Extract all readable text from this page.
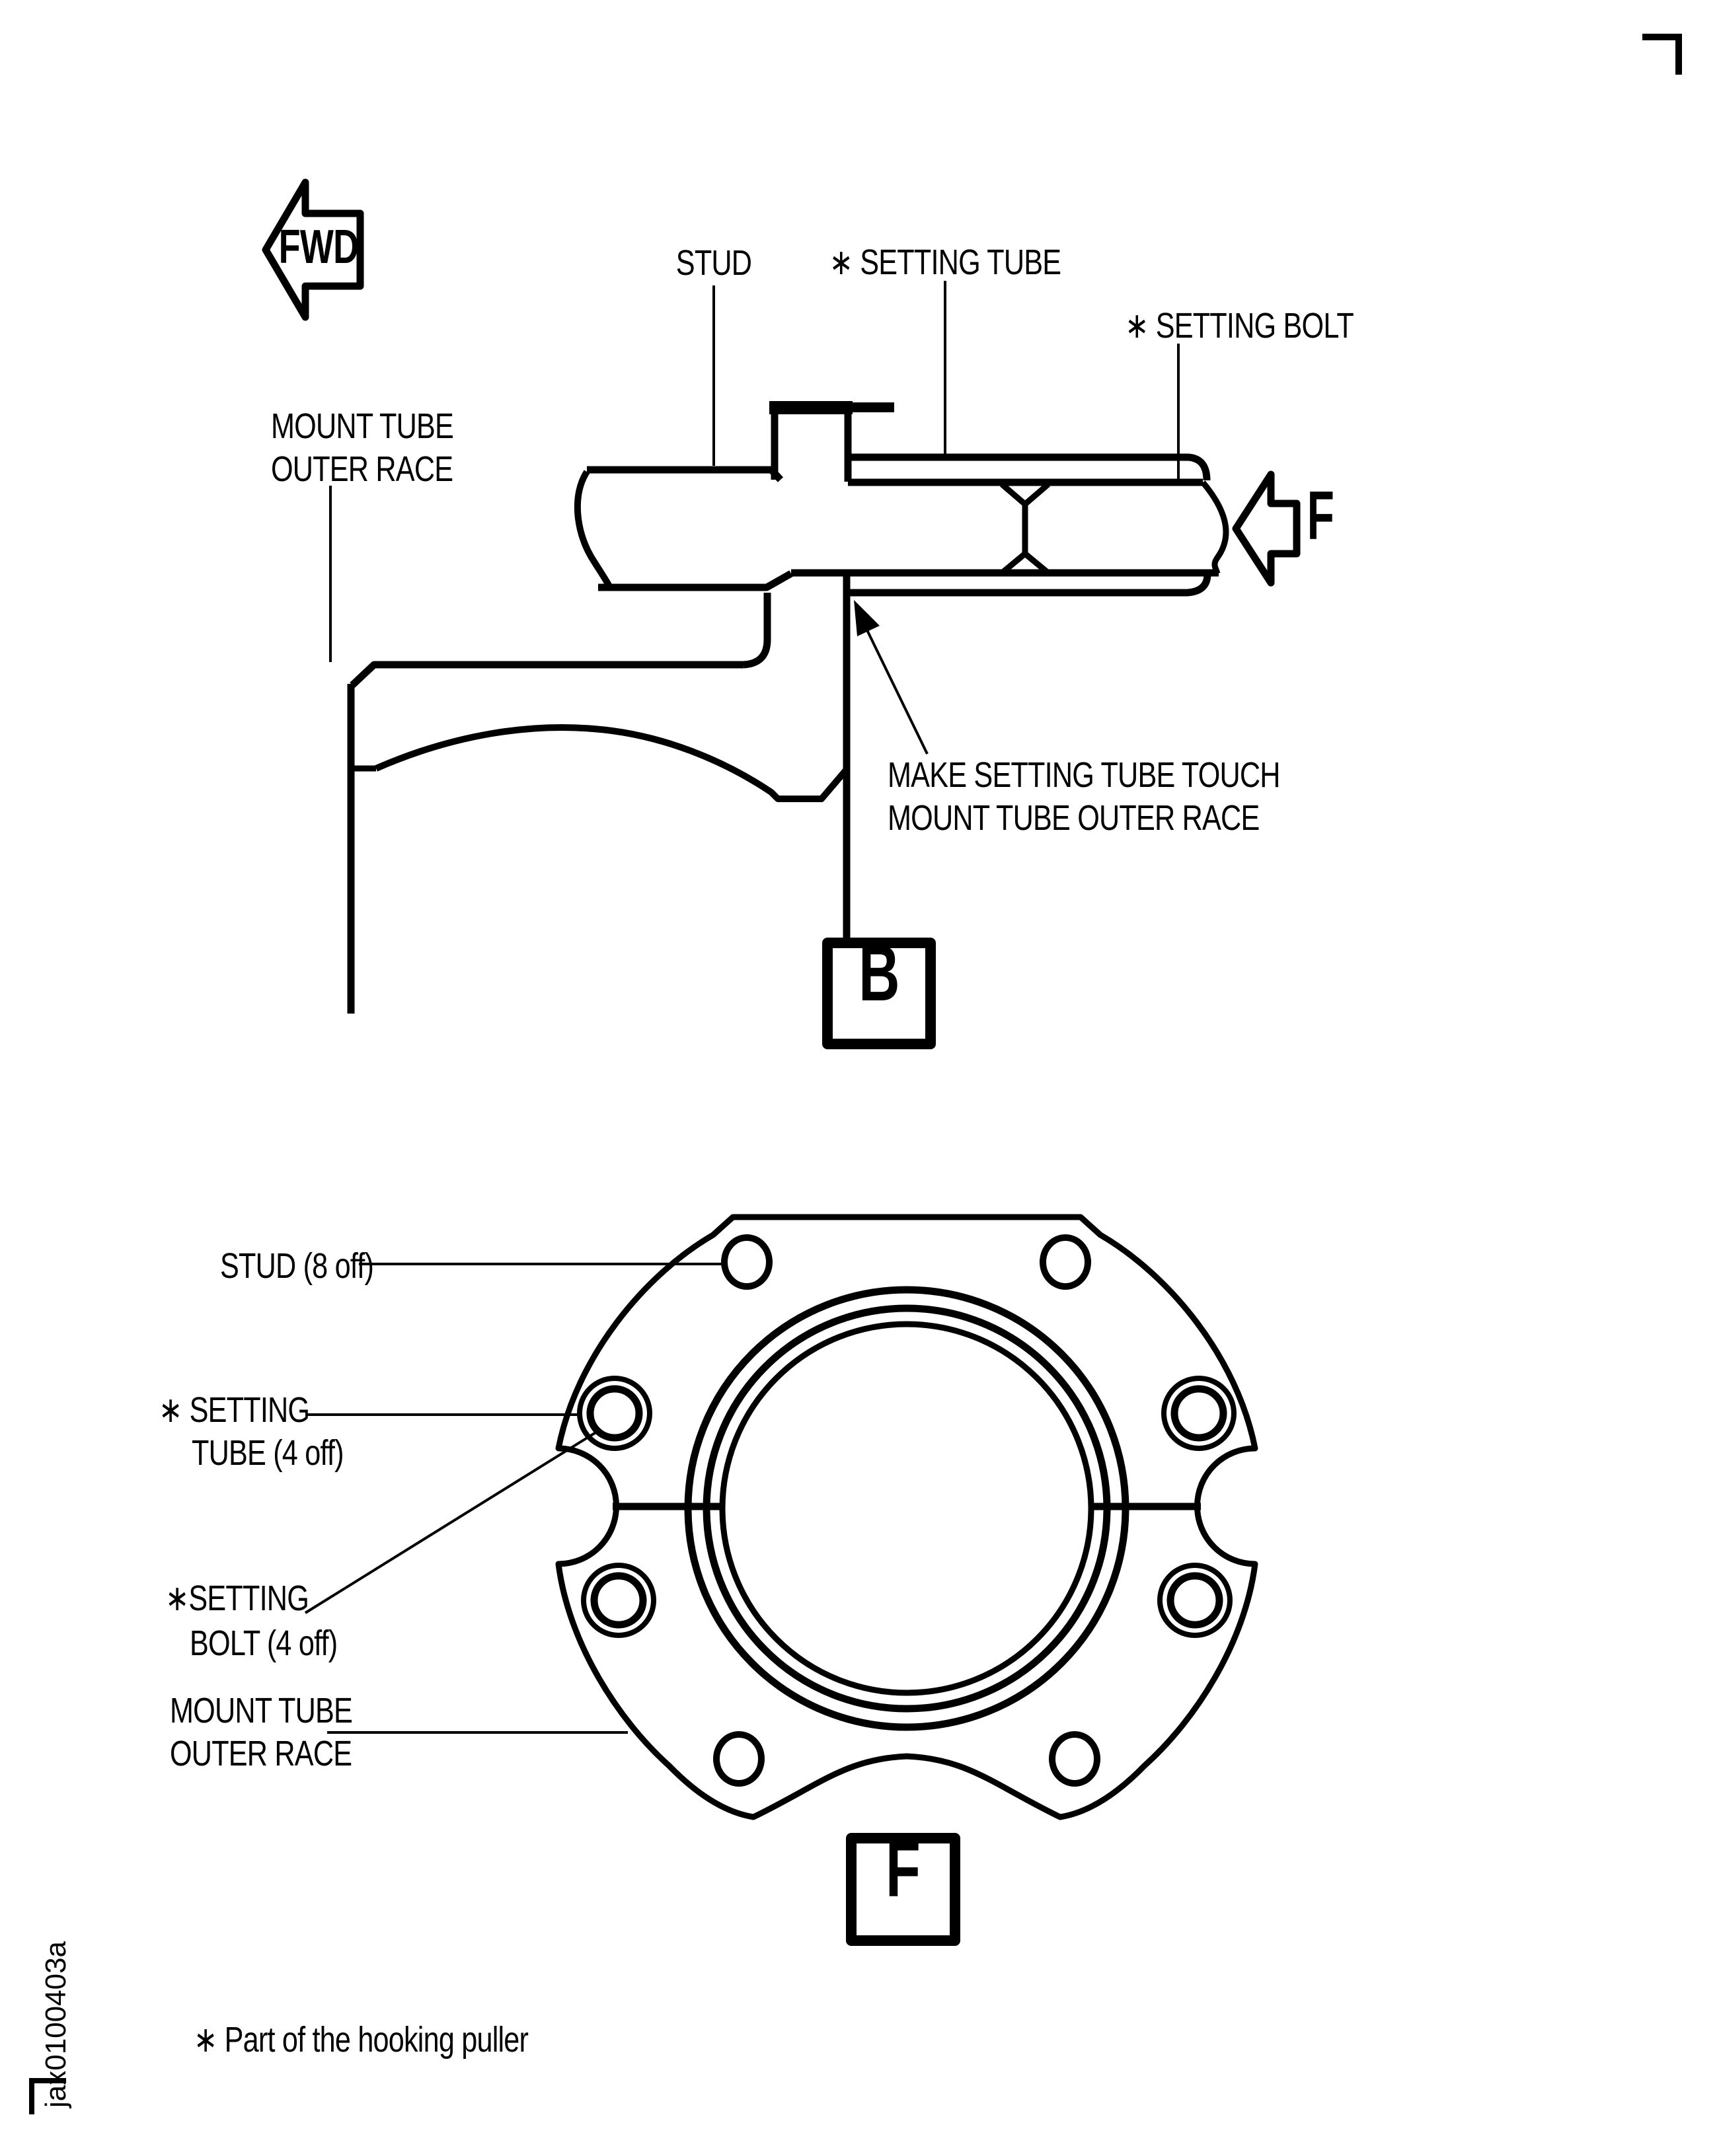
FWD	STUD	∗ SETTING TUBE
∗ SETTING BOLT
MOUNT TUBE
OUTER RACE
MAKE SETTING TUBE TOUCH
MOUNT TUBE OUTER RACE
B
F
STUD (8 off)
∗ SETTING
TUBE (4 off)
∗SETTING
BOLT (4 off)
MOUNT TUBE
OUTER RACE
F
∗ Part of the hooking puller
jax0100403a
